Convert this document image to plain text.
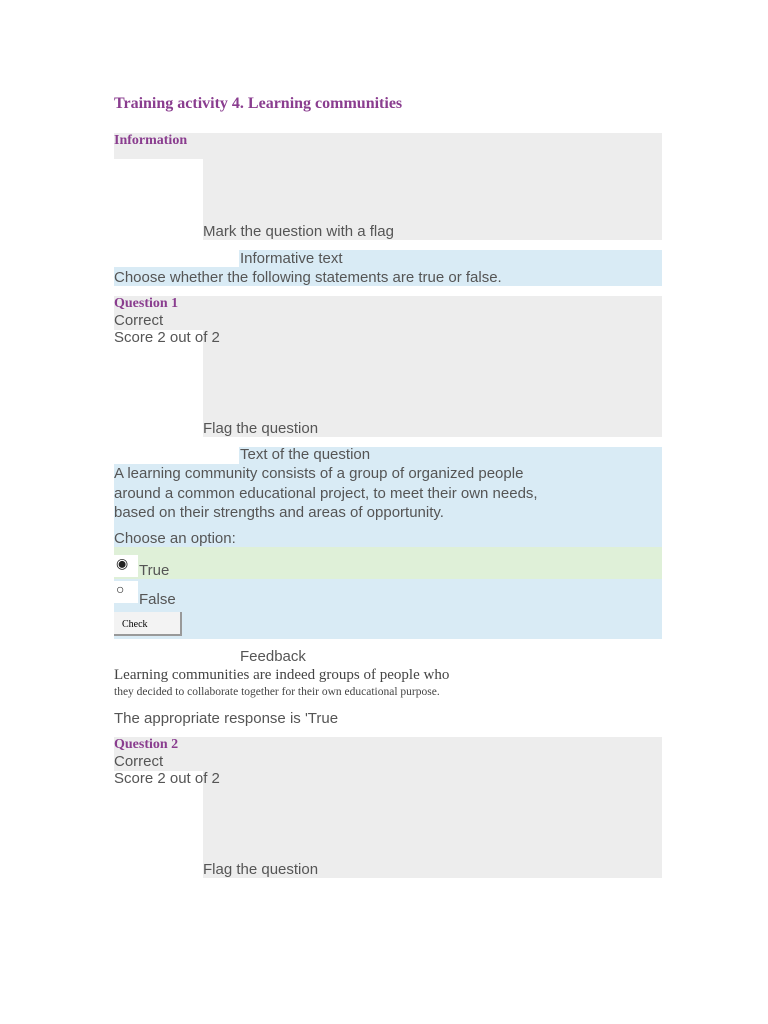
Training activity 4. Learning communities
Information
Mark the question with a flag
Informative text
Choose whether the following statements are true or false.
Question 1
Correct
Score 2 out of 2
Flag the question
Text of the question
A learning community consists of a group of organized people
around a common educational project, to meet their own needs,
based on their strengths and areas of opportunity.
Choose an option:
◉ True
○
False
Check
Feedback
Learning communities are indeed groups of people who
they decided to collaborate together for their own educational purpose.
The appropriate response is 'True
Question 2
Correct
Score 2 out of 2
Flag the question
